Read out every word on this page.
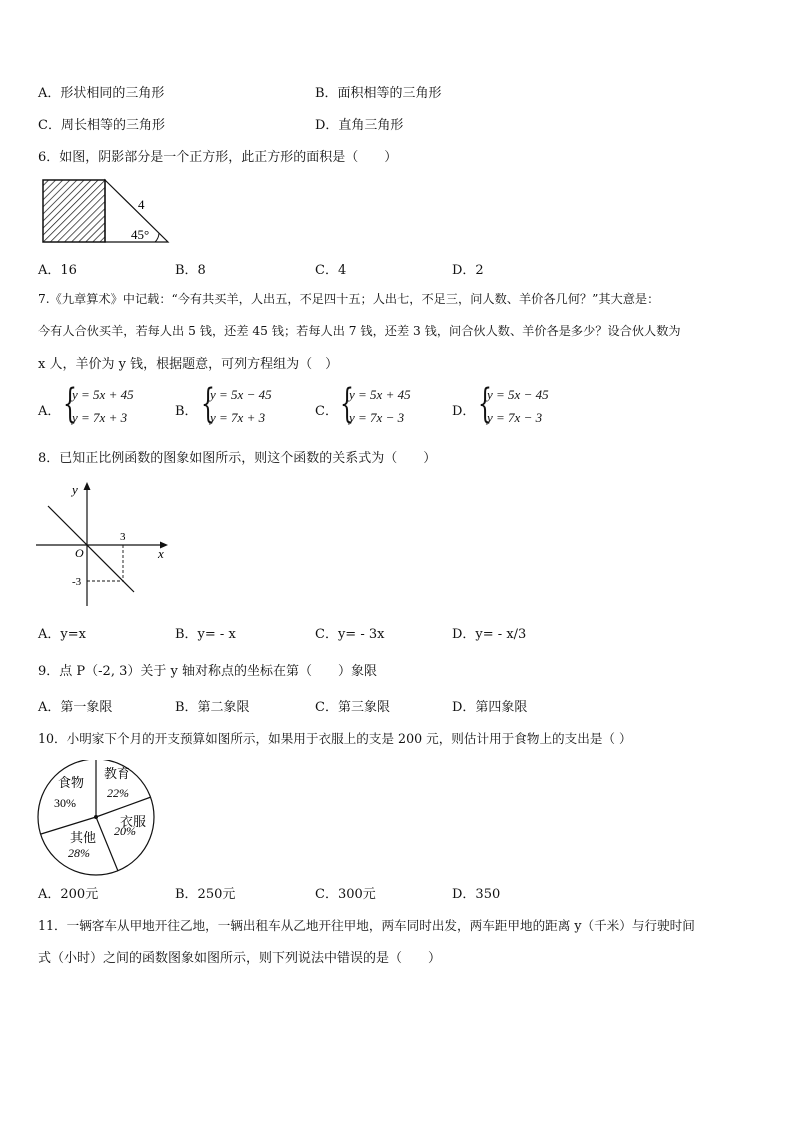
A．形状相同的三角形	B．面积相等的三角形
C．周长相等的三角形	D．直角三角形
6．如图，阴影部分是一个正方形，此正方形的面积是（　　）
4
45°
A．16	B．8	C．4	D．2
7.《九章算术》中记载：“今有共买羊，人出五，不足四十五；人出七，不足三，问人数、羊价各几何？”其大意是：
今有人合伙买羊，若每人出 5 钱，还差 45 钱；若每人出 7 钱，还差 3 钱，问合伙人数、羊价各是多少？设合伙人数为
x 人，羊价为 y 钱，根据题意，可列方程组为（　）
A． {
y = 5x + 45
y = 7x + 3	B． {
y = 5x − 45
y = 7x + 3	C． {
y = 5x + 45
y = 7x − 3	D． {
y = 5x − 45
y = 7x − 3
8．已知正比例函数的图象如图所示，则这个函数的关系式为（　　）
y
x
O
3
-3
A．y=x	B．y= - x	C．y= - 3x	D．y= - x/3
9．点 P（-2, 3）关于 y 轴对称点的坐标在第（　　）象限
A．第一象限	B．第二象限	C．第三象限	D．第四象限
10．小明家下个月的开支预算如图所示，如果用于衣服上的支是 200 元，则估计用于食物上的支出是（ ）
食物
30%
教育
22%
衣服
20%
其他
28%
A．200元	B．250元	C．300元	D．350
11．一辆客车从甲地开往乙地，一辆出租车从乙地开往甲地，两车同时出发，两车距甲地的距离 y（千米）与行驶时间
式（小时）之间的函数图象如图所示，则下列说法中错误的是（　　）
